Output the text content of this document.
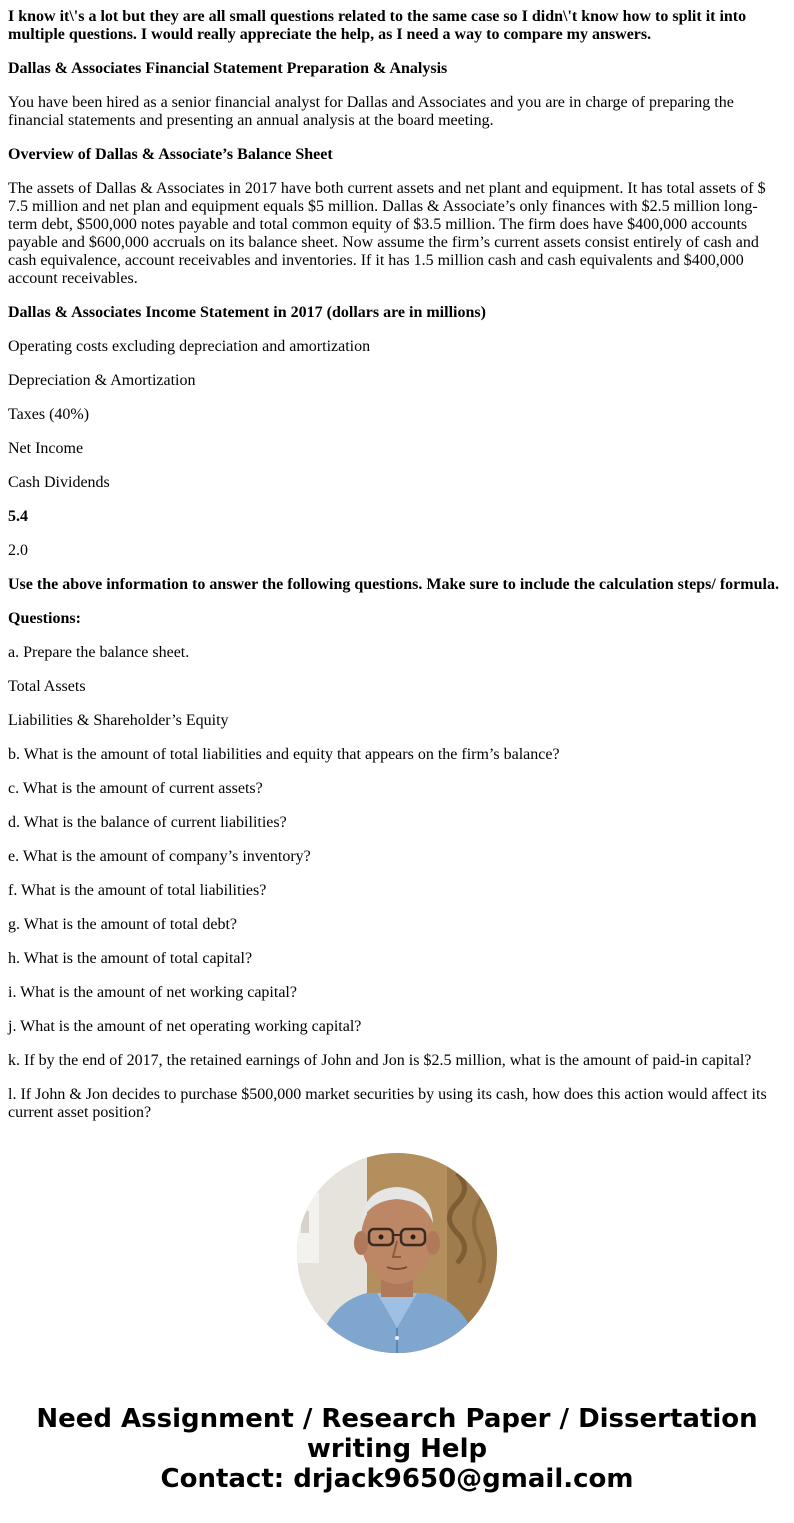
I know it\'s a lot but they are all small questions related to the same case so I didn\'t know how to split it into multiple questions. I would really appreciate the help, as I need a way to compare my answers.

Dallas & Associates Financial Statement Preparation & Analysis

You have been hired as a senior financial analyst for Dallas and Associates and you are in charge of preparing the financial statements and presenting an annual analysis at the board meeting.

Overview of Dallas & Associate’s Balance Sheet

The assets of Dallas & Associates in 2017 have both current assets and net plant and equipment. It has total assets of $ 7.5 million and net plan and equipment equals $5 million. Dallas & Associate’s only finances with $2.5 million long-term debt, $500,000 notes payable and total common equity of $3.5 million. The firm does have $400,000 accounts payable and $600,000 accruals on its balance sheet. Now assume the firm’s current assets consist entirely of cash and cash equivalence, account receivables and inventories. If it has 1.5 million cash and cash equivalents and $400,000 account receivables.

Dallas & Associates Income Statement in 2017 (dollars are in millions)

Operating costs excluding depreciation and amortization

Depreciation & Amortization

Taxes (40%)

Net Income

Cash Dividends

5.4

2.0

Use the above information to answer the following questions. Make sure to include the calculation steps/ formula.

Questions:

a. Prepare the balance sheet.

Total Assets

Liabilities & Shareholder’s Equity

b. What is the amount of total liabilities and equity that appears on the firm’s balance?

c. What is the amount of current assets?

d. What is the balance of current liabilities?

e. What is the amount of company’s inventory?

f. What is the amount of total liabilities?

g. What is the amount of total debt?

h. What is the amount of total capital?

i. What is the amount of net working capital?

j. What is the amount of net operating working capital?

k. If by the end of 2017, the retained earnings of John and Jon is $2.5 million, what is the amount of paid-in capital?

l. If John & Jon decides to purchase $500,000 market securities by using its cash, how does this action would affect its current asset position?

Need Assignment / Research Paper / Dissertation
writing Help
Contact: drjack9650@gmail.com
